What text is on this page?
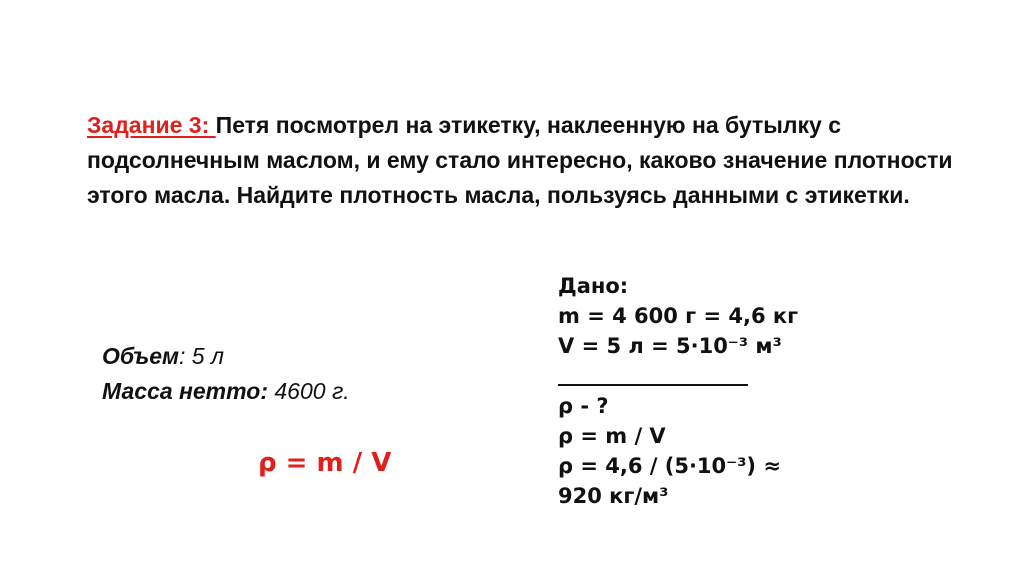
Задание 3: Петя посмотрел на этикетку, наклеенную на бутылку с подсолнечным маслом, и ему стало интересно, каково значение плотности этого масла. Найдите плотность масла, пользуясь данными с этикетки.
Объем: 5 л
Масса нетто: 4600 г.
ρ = m / V
Дано:
m = 4 600 г = 4,6 кг
V = 5 л = 5·10⁻³ м³
ρ - ?
ρ = m / V
ρ = 4,6 / (5·10⁻³) ≈
920 кг/м³
